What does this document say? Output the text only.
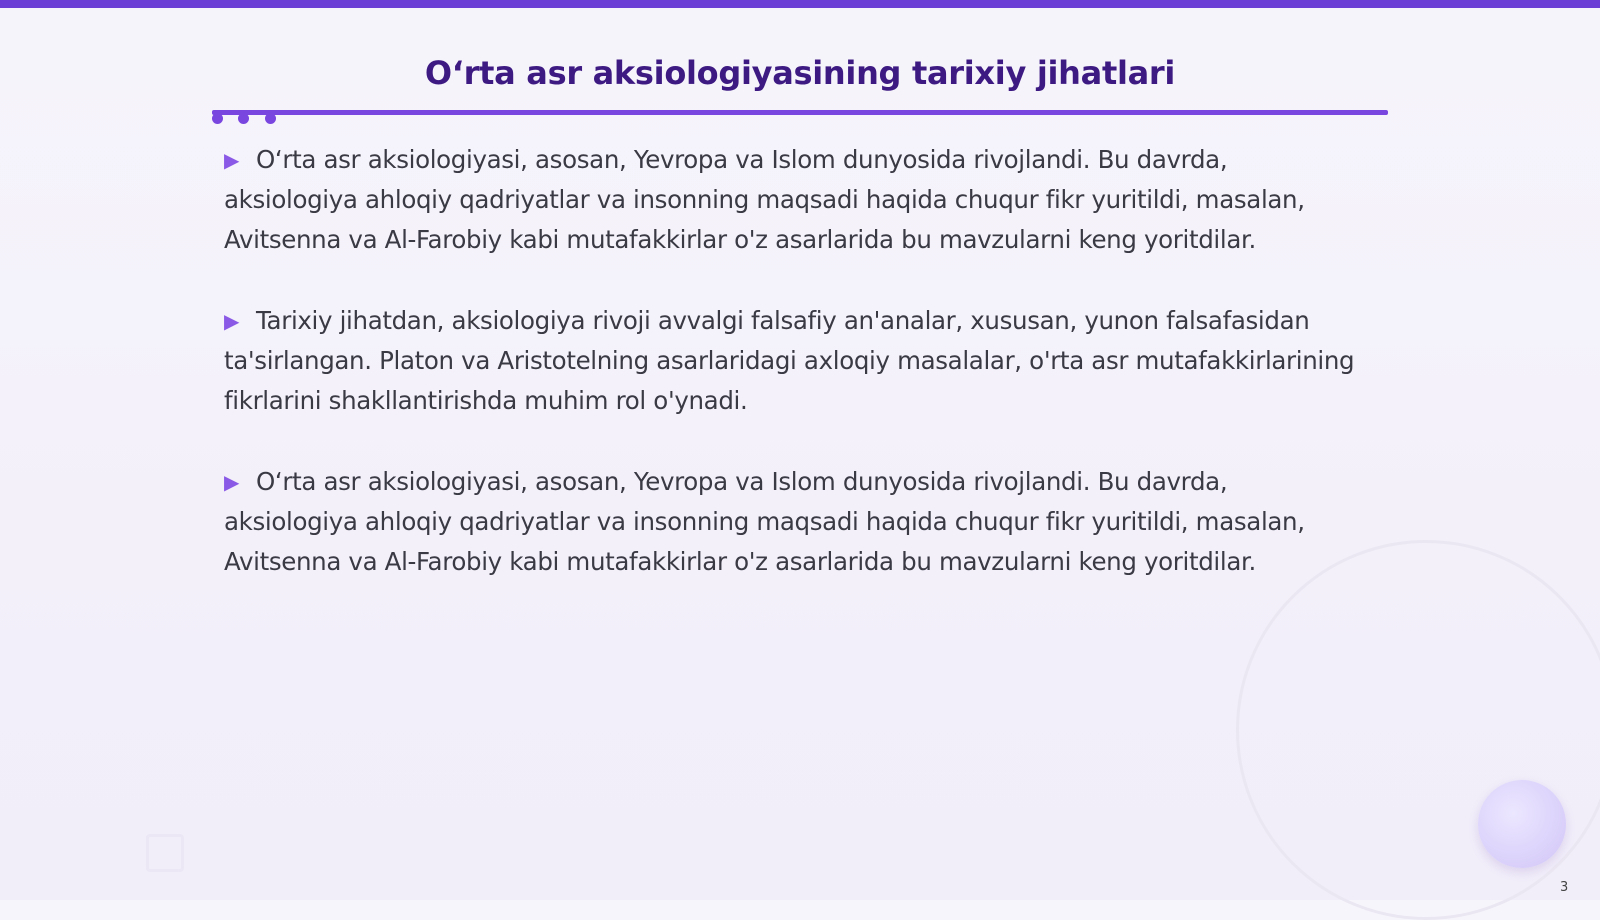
O‘rta asr aksiologiyasining tarixiy jihatlari

▶ O‘rta asr aksiologiyasi, asosan, Yevropa va Islom dunyosida rivojlandi. Bu davrda, aksiologiya ahloqiy qadriyatlar va insonning maqsadi haqida chuqur fikr yuritildi, masalan, Avitsenna va Al-Farobiy kabi mutafakkirlar o'z asarlarida bu mavzularni keng yoritdilar.

▶ Tarixiy jihatdan, aksiologiya rivoji avvalgi falsafiy an'analar, xususan, yunon falsafasidan ta'sirlangan. Platon va Aristotelning asarlaridagi axloqiy masalalar, o'rta asr mutafakkirlarining fikrlarini shakllantirishda muhim rol o'ynadi.

▶ O‘rta asr aksiologiyasi, asosan, Yevropa va Islom dunyosida rivojlandi. Bu davrda, aksiologiya ahloqiy qadriyatlar va insonning maqsadi haqida chuqur fikr yuritildi, masalan, Avitsenna va Al-Farobiy kabi mutafakkirlar o'z asarlarida bu mavzularni keng yoritdilar.

3
